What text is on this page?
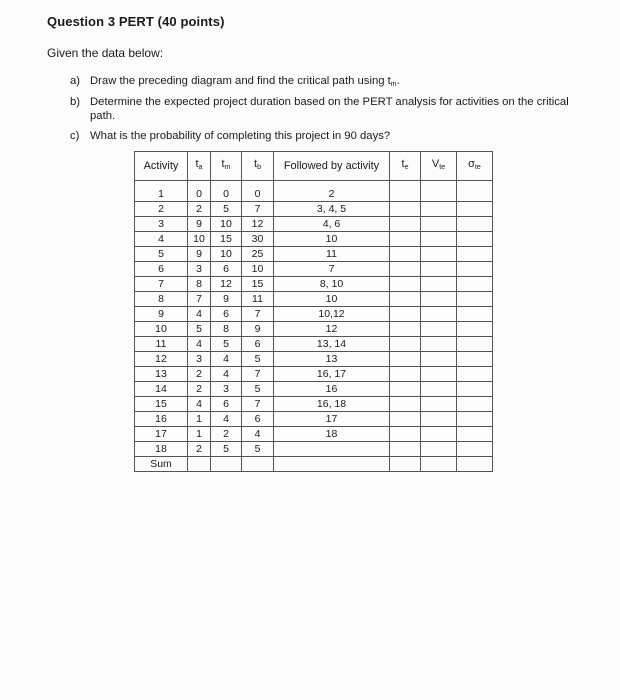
Question 3 PERT (40 points)
Given the data below:
a) Draw the preceding diagram and find the critical path using $t_m$.
b) Determine the expected project duration based on the PERT analysis for activities on the critical path.
c) What is the probability of completing this project in 90 days?
Activity	$t_a$	$t_m$	$t_b$	Followed by activity	$t_e$	$V_{te}$	$\sigma_{te}$
1	0	0	0	2			
2	2	5	7	3, 4, 5			
3	9	10	12	4, 6			
4	10	15	30	10			
5	9	10	25	11			
6	3	6	10	7			
7	8	12	15	8, 10			
8	7	9	11	10			
9	4	6	7	10,12			
10	5	8	9	12			
11	4	5	6	13, 14			
12	3	4	5	13			
13	2	4	7	16, 17			
14	2	3	5	16			
15	4	6	7	16, 18			
16	1	4	6	17			
17	1	2	4	18			
18	2	5	5				
Sum							
